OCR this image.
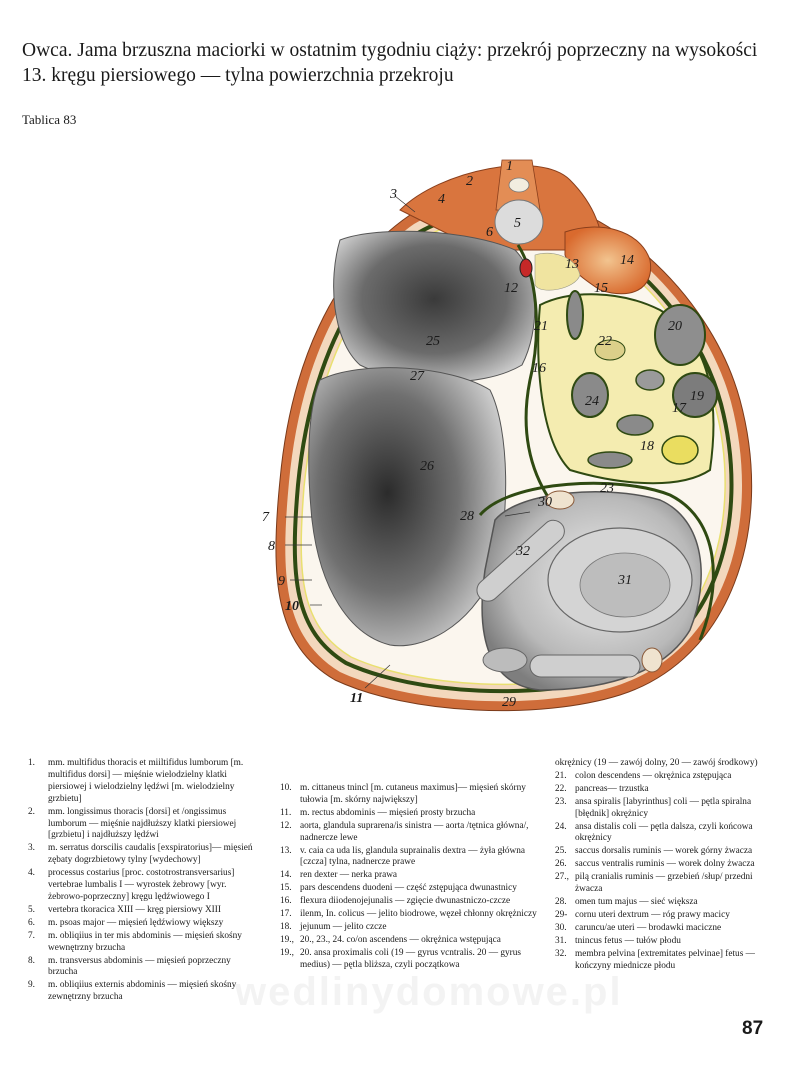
Owca. Jama brzuszna maciorki w ostatnim tygodniu ciąży: przekrój poprzeczny na wysokości 13. kręgu piersiowego — tylna powierzchnia przekroju
Tablica 83
1
2
3	4
5
6
7
8
9
10
11
12
13	14
15
16
17
18
19
20
21
22
23
24
25
26
27
28
29
30
31
32
1.	mm. multifidus thoracis et miiltifidus lumborum [m. multifidus dorsi] — mięśnie wielodzielny klatki piersiowej i wielodzielny lędźwi [m. wielodzielny grzbietu]
2.	mm. longissimus thoracis [dorsi] et /ongissimus lumborum — mięśnie najdłuższy klatki piersiowej [grzbietu] i najdłuższy lędźwi
3.	m. serratus dorscilis caudalis [exspiratorius]— mięsień zębaty dogrzbietowy tylny [wydechowy]
4.	processus costarius [proc. costotrostransversarius] vertebrae lumbalis I — wyrostek żebrowy [wyr. żebrowo-poprzeczny] kręgu lędźwiowego I
5.	vertebra tkoracica XIII — kręg piersiowy XIII
6.	m. psoas major — mięsień lędźwiowy większy
7.	m. obliqiius in ter mis abdominis — mięsień skośny wewnętrzny brzucha
8.	m. transversus abdominis — mięsień poprzeczny brzucha
9.	m. obliqiius externis abdominis — mięsień skośny zewnętrzny brzucha
10. m. cittaneus tnincl [m. cutaneus maximus]— mięsień skórny tułowia [m. skórny największy]
11. m. rectus abdominis — mięsień prosty brzucha
12. aorta, glandula suprarena/is sinistra — aorta /tętnica główna/, nadnercze lewe
13. v. caia ca uda lis, glandula suprainalis dextra — żyła główna [czcza] tylna, nadnercze prawe
14. ren dexter — nerka prawa
15. pars descendens duodeni — część zstępująca dwunastnicy
16. flexura diiodenojejunalis — zgięcie dwunastniczo-czcze
17. ilenm, In. colicus — jelito biodrowe, węzeł chłonny okrężniczy
18. jejunum — jelito czcze
19., 20., 23., 24. co/on ascendens — okrężnica wstępująca
19., 20. ansa proximalis coli (19 — gyrus vcntralis. 20 — gyrus medius) — pętla bliższa, czyli początkowa
okrężnicy (19 — zawój dolny, 20 — zawój środkowy)
21. colon descendens — okrężnica zstępująca
22. pancreas— trzustka
23. ansa spiralis [labyrinthus] coli — pętla spiralna [błędnik] okrężnicy
24. ansa distalis coli — pętla dalsza, czyli końcowa okrężnicy
25. saccus dorsalis ruminis — worek górny żwacza
26. saccus ventralis ruminis — worek dolny żwacza
27., pilą cranialis ruminis — grzebień /słup/ przedni żwacza
28. omen tum majus — sieć większa
29- cornu uteri dextrum — róg prawy macicy
30. caruncu/ae uteri — brodawki maciczne
31. tnincus fetus — tułów płodu
32. membra pelvina [extremitates pelvinae] fetus — kończyny miednicze płodu
wedlinydomowe.pl
87
